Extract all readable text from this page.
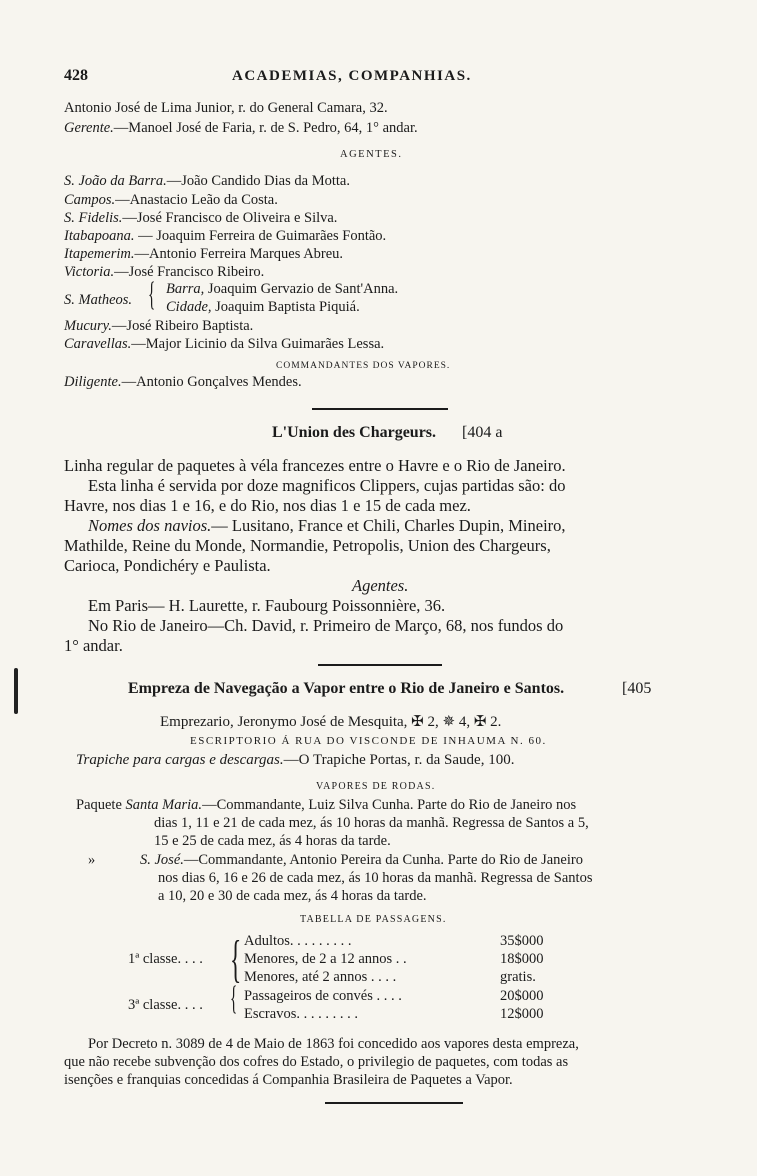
428	ACADEMIAS, COMPANHIAS.
Antonio José de Lima Junior, r. do General Camara, 32.
Gerente.—Manoel José de Faria, r. de S. Pedro, 64, 1° andar.
AGENTES.
S. João da Barra.—João Candido Dias da Motta.
Campos.—Anastacio Leão da Costa.
S. Fidelis.—José Francisco de Oliveira e Silva.
Itabapoana. — Joaquim Ferreira de Guimarães Fontão.
Itapemerim.—Antonio Ferreira Marques Abreu.
Victoria.—José Francisco Ribeiro.
S. Matheos. { Barra, Joaquim Gervazio de Sant'Anna.
Cidade, Joaquim Baptista Piquiá.
Mucury.—José Ribeiro Baptista.
Caravellas.—Major Licinio da Silva Guimarães Lessa.
COMMANDANTES DOS VAPORES.
Diligente.—Antonio Gonçalves Mendes.
L'Union des Chargeurs. [404 a
Linha regular de paquetes à véla francezes entre o Havre e o Rio de Janeiro.
Esta linha é servida por doze magnificos Clippers, cujas partidas são: do
Havre, nos dias 1 e 16, e do Rio, nos dias 1 e 15 de cada mez.
Nomes dos navios.— Lusitano, France et Chili, Charles Dupin, Mineiro,
Mathilde, Reine du Monde, Normandie, Petropolis, Union des Chargeurs,
Carioca, Pondichéry e Paulista.
Agentes.
Em Paris— H. Laurette, r. Faubourg Poissonnière, 36.
No Rio de Janeiro—Ch. David, r. Primeiro de Março, 68, nos fundos do
1° andar.
Empreza de Navegação a Vapor entre o Rio de Janeiro e Santos.	[405
Emprezario, Jeronymo José de Mesquita, ✠ 2, ✵ 4, ✠ 2.
ESCRIPTORIO Á RUA DO VISCONDE DE INHAUMA N. 60.
Trapiche para cargas e descargas.—O Trapiche Portas, r. da Saude, 100.
VAPORES DE RODAS.
Paquete Santa Maria.—Commandante, Luiz Silva Cunha. Parte do Rio de Janeiro nos
dias 1, 11 e 21 de cada mez, ás 10 horas da manhã. Regressa de Santos a 5,
15 e 25 de cada mez, ás 4 horas da tarde.
»	S. José.—Commandante, Antonio Pereira da Cunha. Parte do Rio de Janeiro
nos dias 6, 16 e 26 de cada mez, ás 10 horas da manhã. Regressa de Santos
a 10, 20 e 30 de cada mez, ás 4 horas da tarde.
TABELLA DE PASSAGENS.
1ª classe. . . . { Adultos. . . . . . . . .	35$000
Menores, de 2 a 12 annos . .	18$000
Menores, até 2 annos . . . .	gratis.
3ª classe. . . . { Passageiros de convés . . . .	20$000
Escravos. . . . . . . . .	12$000
Por Decreto n. 3089 de 4 de Maio de 1863 foi concedido aos vapores desta empreza,
que não recebe subvenção dos cofres do Estado, o privilegio de paquetes, com todas as
isenções e franquias concedidas á Companhia Brasileira de Paquetes a Vapor.
